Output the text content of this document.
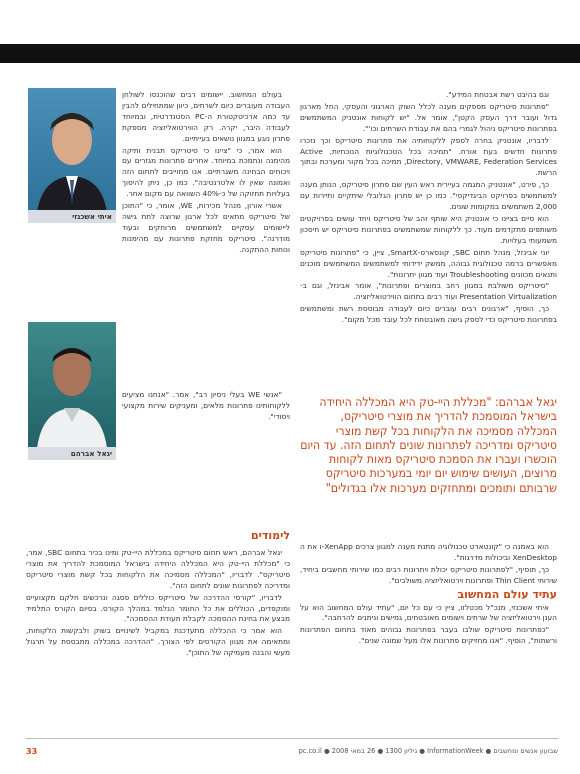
וגם בהיבט רשת אבטחת המידע".

"פתרונות סיטריקס מספקים מענה לכלל השוק הארגוני והעסקי, החל מארגון גדול ועובר דרך העסק הקטן", אומר אל. "יש לקוחות אונטניק המשתמשים בפתרונות סיטריקס ניהול לגמרי בהם את עבודת השרתים וכו'".

לדבריו, אונטניק בחרה לספק ללקוחותיה את פתרונות סיטריקס וכך נזכרו פתרונות חדשים בעת אורח. "תמיכה בכל הטכנולוגיות הנוכחיות, Active Directory, VMWARE, Federation Services, תמיכה בכל מקור ומערכת ובתוך הרשת.

כך, פירט, "אונטניק המגמה בעיירית ראש העין שם פתרון סיטריקס, הנותן מענה למשתמשים בפרויקט הביגדיקסי". כמו כן יש פתרון הגלובלי שיתקיים ותיירות עם 2,000 משתמשים במקומות שונים.

הוא סיים בציינו כי אונטניק היא שותף זהב של סיטריקס ויחד עושים בפרויקטים משותפים מתקדמים מעוד. כך ללקוחות שמשתמשים בפתרונות סיטריקס יש חיסכון משמעותי בעלויות.

יוני אבינזל, מנהל תחום SBC, קונסארס-SmartX, ציין, כי "פתרונות סיטריקס מאפשרים ברמה טכנולוגית גבוהה, ממשק ידידותי למשתמשים המשתמשים מוכנים ותנאים מכוונים Troubleshooting ועוד מגוון יתרונות".

"סיטריקס משולבת במגוון רחב במוצרים ופתרונות", אומר אבינזל, וגם ב-Presentation Virtualization ועוד רבים בתחום הווירטואליזציה.

כך, הוסיף, "ארגונים רבים עוברים כיום לעבודה מבוססת רשת ומשתמשים בפתרונות סיטריקס כדי לספק גישה מאובטחת לכל עובד מכל מקום".

יגאל אברהם: "מכללת היי-טק היא המכללה היחידה בישראל המוסמכת להדריך את מוצרי סיטריקס, המכללה מסמיכה את הלקוחות בכל קשת מוצרי סיטריקס ומדריכה לפתרונות שונים לתחום הזה. עד היום הוכשרו ועברו את הסמכת סיטריקס מאות לקוחות מרוצים, העושים שימוש יום יומי במערכות סיטריקס שרבותם ותומכים ומתחזקים מערכות אלו בגדולים"

הוא באמנה כי "קונטארט טכנולוגיה מתנת מענה למגוון צרכים XenApp-ו את ה XenDesktop וביכולות מדרגות".

כך, תוסיף, "לפתרונות סיטריקס יכולת ויתרונות רבים כמו שירותי מחשבים ביחיד, שירותי Thin Client ופתרונות וירטואליזציה משולבים".

עתיד עולם המחשוב

איתי אשכנזי, מנכ"ל מכטלזו, ציין כי עם כל יום, "עתיד עולם המחשוב הוא על הענן וירטואליזציה של שרתים וישומים מאובטחים, גמישים וניתנים להרחבה".

"כפתרונות סיטריקס שולבו בעבר בפתרונות גבוהים מאוד בתחום הפתרונות ורשתות", הוסיף. "אנו מחזיקים פתרונות אלו מעל שמונה שנים".

בעולם המחשוב. יישומים רבים שהוכנסו לשולחן העבודה מעוברים כיום לשרתים, כיוון שמתחילים להבין עד כמה ארכיטקטורת ה-PC הסטנדרטית, ובמיוחד לעבודה היבר, יקרה. רק הווירטואליזציה מספקת פתרון נוגע במגוון נושאים בעייתיים.

הוא אמר, כי "ציינו כי סיטריקס תבנית ותיקה מהימנה ונתמכת במיוחד. אחרים פתרונות מגזרים עם ויכוחים הבחינה משגרתיים. אנו מחוייבים לתחום הזה ואמונה שאין לו אלטרנטיבה". כמו כן, ניתן להיסוך בעלויות תחזוקה של כ-40% השוואה עם מקום אחר.

אשרי אורון, מנהל מכירות, WE, אומר, כי "התוכן של סיטריקס מתאים לכל ארגון שרוצה לתת גישה ליישומים עסקיים למשתמשים מרוחקים ובעוד מודרנה". סיטריקס מחזקת פתרונות עם מהימנות ונוחות ההתקנה.

"אנשי WE בעלי ניסיון רב", אמר. "אנחנו מציעים ללקוחותינו פתרונות מלאים, ומעניקים שירות מקצועי ויסודי".

לימודים

יגאל אברהם, ראש תחום סיטריקס במכללת היי-טק ומינו בכיר בתחום SBC, אמר, כי "מכללת היי-טק היא המכללה היחידה בישראל המוסמכת להדריך את מוצרי סיטריקס". לדבריו, "המכללה מסמיכה את הלקוחות בכל קשת מוצרי סיטריקס ומדריכה לפתרונות שונים לתחום הזה".

לדבריו, "קורסי ההדרכה של סיטריקס כוללים פסגה ונרכשים חלקם מקצועיים ומוקפדים, הכוללים את כל החומר הנלמד במהלך הקורס. בסיום הקורס התלמיד מבצע את בחינת ההסמכה לקבלת תעודת ההסמכה".

הוא אמר כי ההכללה מתעדכנת במקביל לשינויים בשוק ולבקשות הלקוחות, ומתאימה את מגוון הקורסים לפי הצורך. "ההדרכה במכללה מתבססת על תרגול מעשי והבנה מעמיקה של התוכן".

איתי אשכנזי
יגאל אברהם
33	שבועון אנשים ומחשבים ● InformationWeek ● גיליון 1300 ● 26 במאי 2008 ● pc.co.il
